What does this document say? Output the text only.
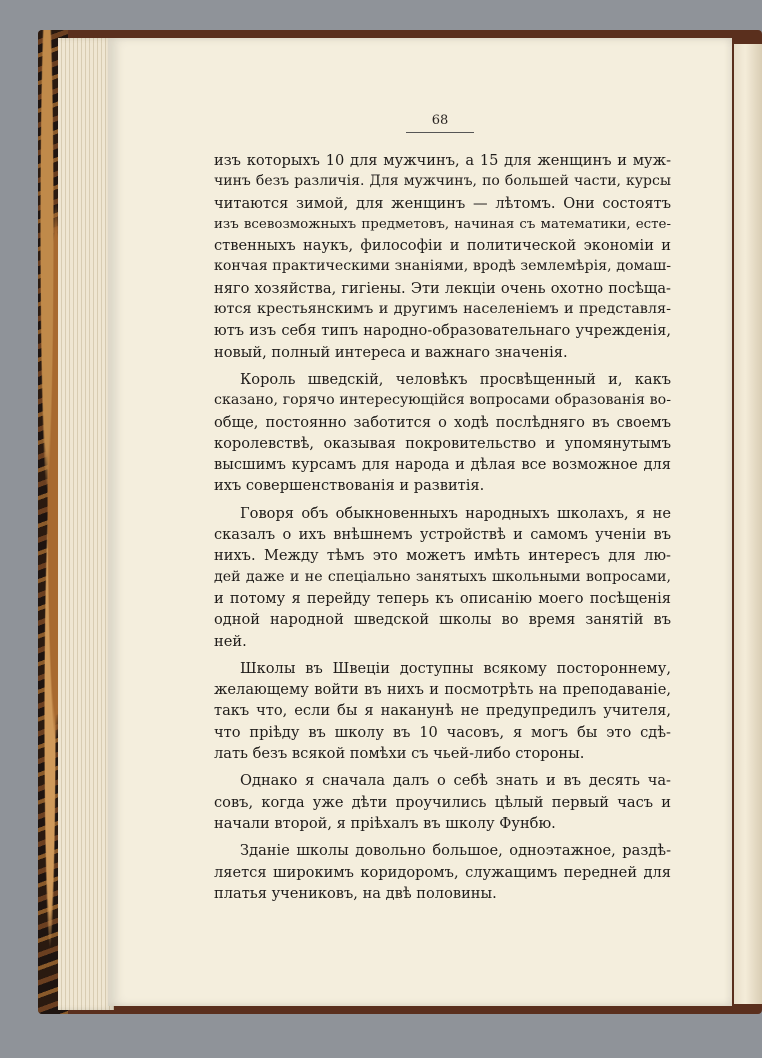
68
изъ которыхъ 10 для мужчинъ, а 15 для женщинъ и муж-
чинъ безъ различія. Для мужчинъ, по большей части, курсы
читаются зимой, для женщинъ — лѣтомъ. Они состоятъ
изъ всевозможныхъ предметовъ, начиная съ математики, есте-
ственныхъ наукъ, философіи и политической экономіи и
кончая практическими знаніями, вродѣ землемѣрія, домаш-
няго хозяйства, гигіены. Эти лекціи очень охотно посѣща-
ются крестьянскимъ и другимъ населеніемъ и представля-
ютъ изъ себя типъ народно-образовательнаго учрежденія,
новый, полный интереса и важнаго значенія.
Король шведскій, человѣкъ просвѣщенный и, какъ
сказано, горячо интересующійся вопросами образованія во-
обще, постоянно заботится о ходѣ послѣдняго въ своемъ
королевствѣ, оказывая покровительство и упомянутымъ
высшимъ курсамъ для народа и дѣлая все возможное для
ихъ совершенствованія и развитія.
Говоря объ обыкновенныхъ народныхъ школахъ, я не
сказалъ о ихъ внѣшнемъ устройствѣ и самомъ ученіи въ
нихъ. Между тѣмъ это можетъ имѣть интересъ для лю-
дей даже и не спеціально занятыхъ школьными вопросами,
и потому я перейду теперь къ описанію моего посѣщенія
одной народной шведской школы во время занятій въ
ней.
Школы въ Швеціи доступны всякому постороннему,
желающему войти въ нихъ и посмотрѣть на преподаваніе,
такъ что, если бы я наканунѣ не предупредилъ учителя,
что пріѣду въ школу въ 10 часовъ, я могъ бы это сдѣ-
лать безъ всякой помѣхи съ чьей-либо стороны.
Однако я сначала далъ о себѣ знать и въ десять ча-
совъ, когда уже дѣти проучились цѣлый первый часъ и
начали второй, я пріѣхалъ въ школу Фунбю.
Зданіе школы довольно большое, одноэтажное, раздѣ-
ляется широкимъ коридоромъ, служащимъ передней для
платья учениковъ, на двѣ половины.
